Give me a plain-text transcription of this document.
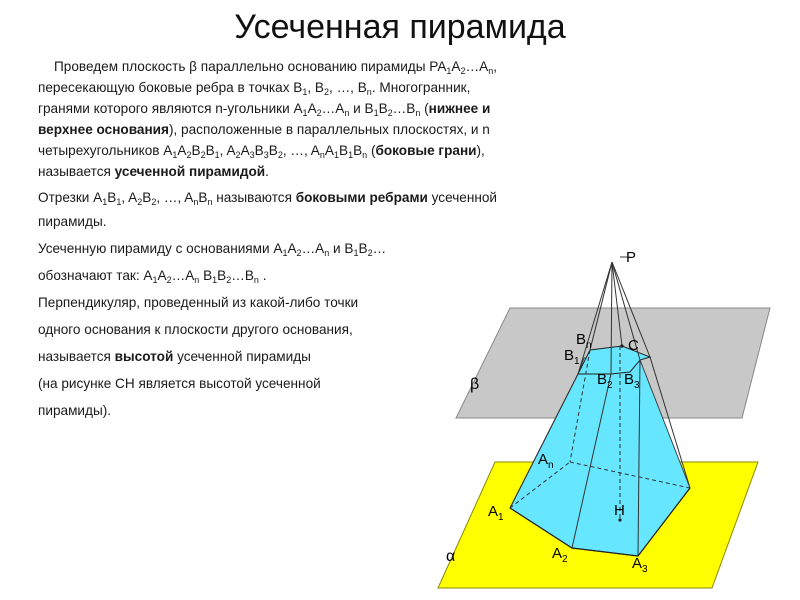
Усеченная пирамида

Проведем плоскость β параллельно основанию пирамиды $PA_1A_2\dots A_n$, пересекающую боковые ребра в точках $B_1$, $B_2$, …, $B_n$. Многогранник, гранями которого являются n-угольники $A_1A_2\dots A_n$ и $B_1B_2\dots B_n$ (нижнее и верхнее основания), расположенные в параллельных плоскостях, и n четырехугольников $A_1A_2B_2B_1$, $A_2A_3B_3B_2$, …, $A_nA_1B_1B_n$ (боковые грани), называется усеченной пирамидой.

Отрезки $A_1B_1$, $A_2B_2$, …, $A_nB_n$ называются боковыми ребрами усеченной пирамиды.

Усеченную пирамиду с основаниями $A_1A_2\dots A_n$ и $B_1B_2\dots$

обозначают так: $A_1A_2\dots A_n$ $B_1B_2\dots B_n$ .

Перпендикуляр, проведенный из какой-либо точки

одного основания к плоскости другого основания,

называется высотой усеченной пирамиды

(на рисунке CH является высотой усеченной

пирамиды).

P
β
α
C
H
$B_n$
$B_1$
$B_2$ $B_3$
$A_n$
$A_1$
$A_2$	$A_3$
